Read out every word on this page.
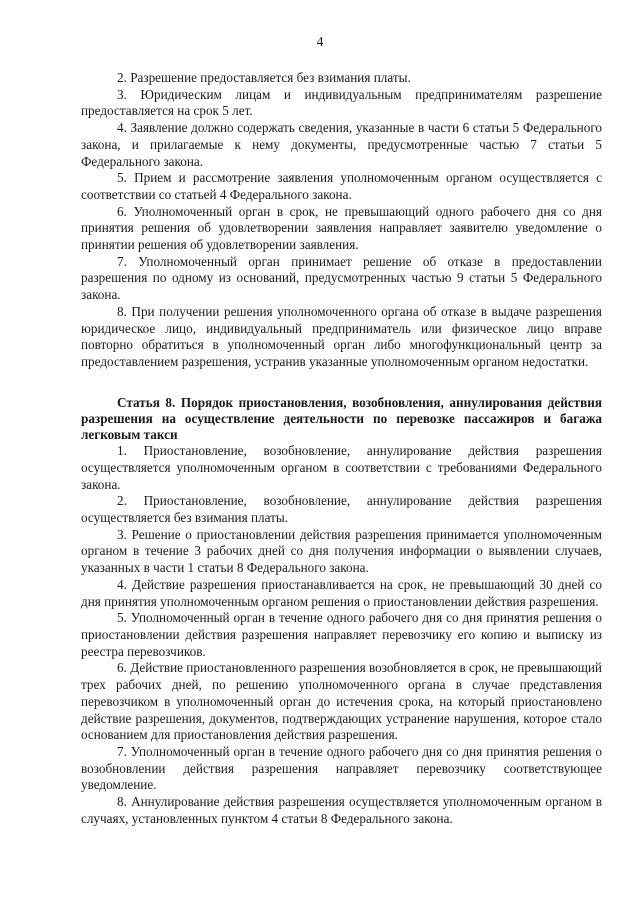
4

2. Разрешение предоставляется без взимания платы.

3. Юридическим лицам и индивидуальным предпринимателям разрешение предоставляется на срок 5 лет.

4. Заявление должно содержать сведения, указанные в части 6 статьи 5 Федерального закона, и прилагаемые к нему документы, предусмотренные частью 7 статьи 5 Федерального закона.

5. Прием и рассмотрение заявления уполномоченным органом осуществляется с соответствии со статьей 4 Федерального закона.

6. Уполномоченный орган в срок, не превышающий одного рабочего дня со дня принятия решения об удовлетворении заявления направляет заявителю уведомление о принятии решения об удовлетворении заявления.

7. Уполномоченный орган принимает решение об отказе в предоставлении разрешения по одному из оснований, предусмотренных частью 9 статьи 5 Федерального закона.

8. При получении решения уполномоченного органа об отказе в выдаче разрешения юридическое лицо, индивидуальный предприниматель или физическое лицо вправе повторно обратиться в уполномоченный орган либо многофункциональный центр за предоставлением разрешения, устранив указанные уполномоченным органом недостатки.

Статья 8. Порядок приостановления, возобновления, аннулирования действия разрешения на осуществление деятельности по перевозке пассажиров и багажа легковым такси

1. Приостановление, возобновление, аннулирование действия разрешения осуществляется уполномоченным органом в соответствии с требованиями Федерального закона.

2. Приостановление, возобновление, аннулирование действия разрешения осуществляется без взимания платы.

3. Решение о приостановлении действия разрешения принимается уполномоченным органом в течение 3 рабочих дней со дня получения информации о выявлении случаев, указанных в части 1 статьи 8 Федерального закона.

4. Действие разрешения приостанавливается на срок, не превышающий 30 дней со дня принятия уполномоченным органом решения о приостановлении действия разрешения.

5. Уполномоченный орган в течение одного рабочего дня со дня принятия решения о приостановлении действия разрешения направляет перевозчику его копию и выписку из реестра перевозчиков.

6. Действие приостановленного разрешения возобновляется в срок, не превышающий трех рабочих дней, по решению уполномоченного органа в случае представления перевозчиком в уполномоченный орган до истечения срока, на который приостановлено действие разрешения, документов, подтверждающих устранение нарушения, которое стало основанием для приостановления действия разрешения.

7. Уполномоченный орган в течение одного рабочего дня со дня принятия решения о возобновлении действия разрешения направляет перевозчику соответствующее уведомление.

8. Аннулирование действия разрешения осуществляется уполномоченным органом в случаях, установленных пунктом 4 статьи 8 Федерального закона.
